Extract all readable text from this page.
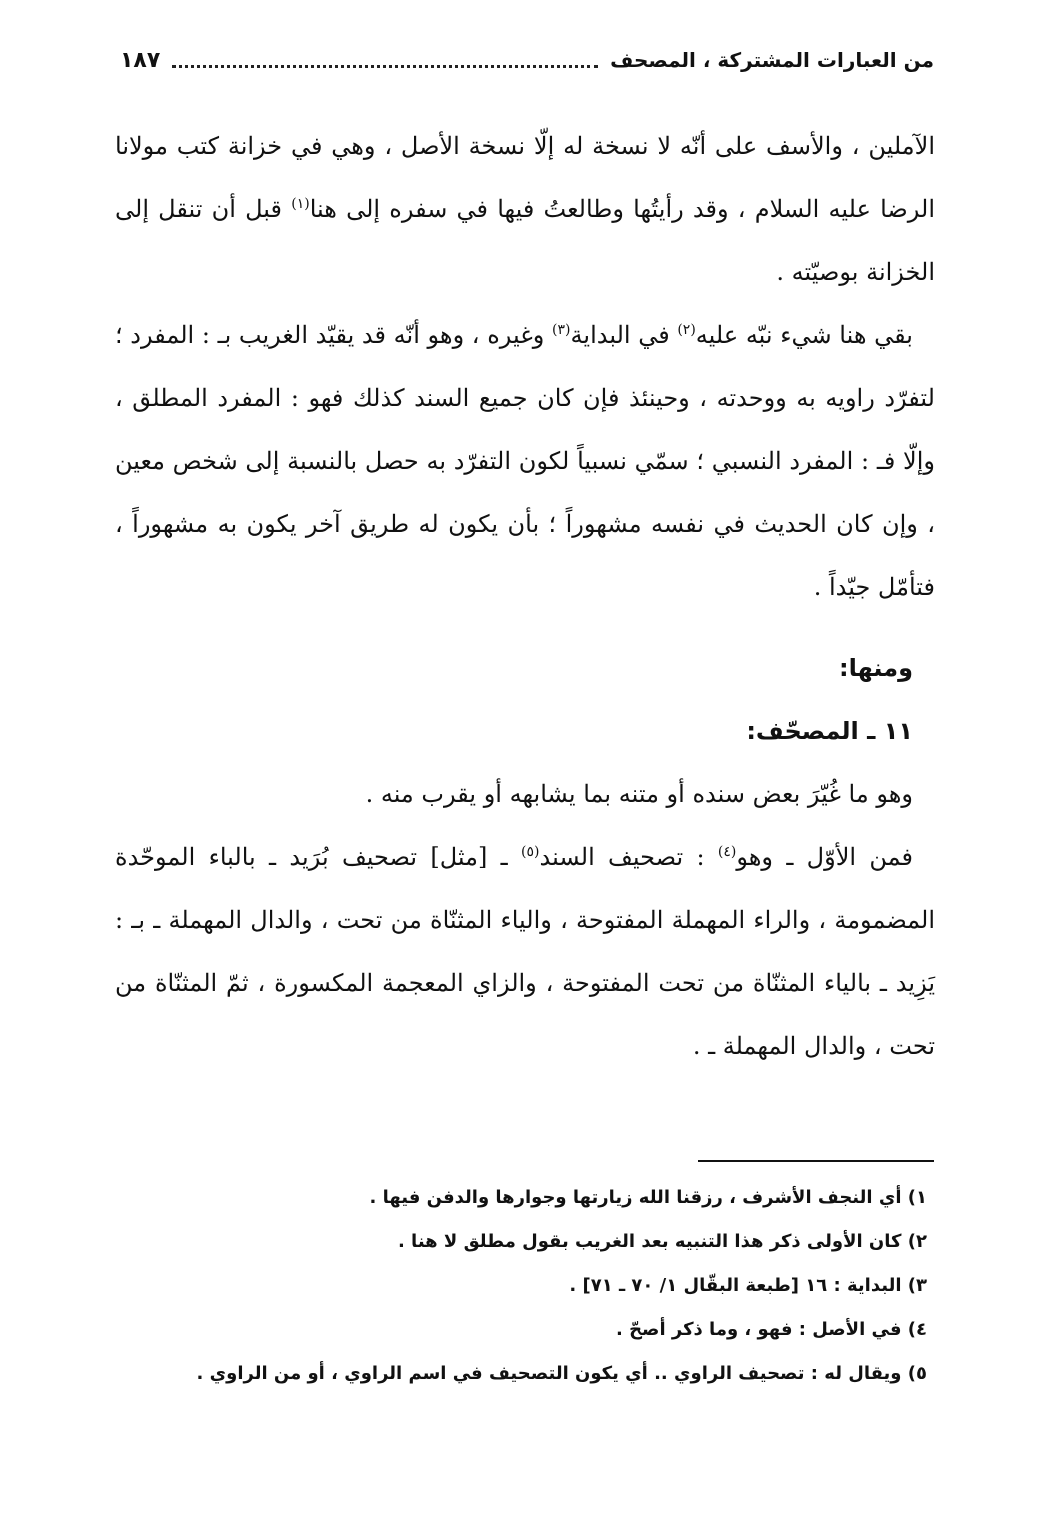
من العبارات المشتركة ، المصحف
١٨٧

الآملين ، والأسف على أنّه لا نسخة له إلّا نسخة الأصل ، وهي في خزانة كتب مولانا الرضا عليه السلام ، وقد رأيتُها وطالعتُ فيها في سفره إلى هنا$^{(١)}$ قبل أن تنقل إلى الخزانة بوصيّته .

بقي هنا شيء نبّه عليه$^{(٢)}$ في البداية$^{(٣)}$ وغيره ، وهو أنّه قد يقيّد الغريب بـ : المفرد ؛ لتفرّد راويه به ووحدته ، وحينئذ فإن كان جميع السند كذلك فهو : المفرد المطلق ، وإلّا فـ : المفرد النسبي ؛ سمّي نسبياً لكون التفرّد به حصل بالنسبة إلى شخص معين ، وإن كان الحديث في نفسه مشهوراً ؛ بأن يكون له طريق آخر يكون به مشهوراً ، فتأمّل جيّداً .

ومنها:

١١ ـ المصحّف:

وهو ما غُيّرَ بعض سنده أو متنه بما يشابهه أو يقرب منه .

فمن الأوّل ـ وهو$^{(٤)}$ : تصحيف السند$^{(٥)}$ ـ [مثل] تصحيف بُرَيد ـ بالباء الموحّدة المضمومة ، والراء المهملة المفتوحة ، والياء المثنّاة من تحت ، والدال المهملة ـ بـ : يَزِيد ـ بالياء المثنّاة من تحت المفتوحة ، والزاي المعجمة المكسورة ، ثمّ المثنّاة من تحت ، والدال المهملة ـ .

١) أي النجف الأشرف ، رزقنا الله زيارتها وجوارها والدفن فيها .

٢) كان الأولى ذكر هذا التنبيه بعد الغريب بقول مطلق لا هنا .

٣) البداية : ١٦ [طبعة البقّال ١/ ٧٠ ـ ٧١] .

٤) في الأصل : فهو ، وما ذكر أصحّ .

٥) ويقال له : تصحيف الراوي .. أي يكون التصحيف في اسم الراوي ، أو من الراوي .
